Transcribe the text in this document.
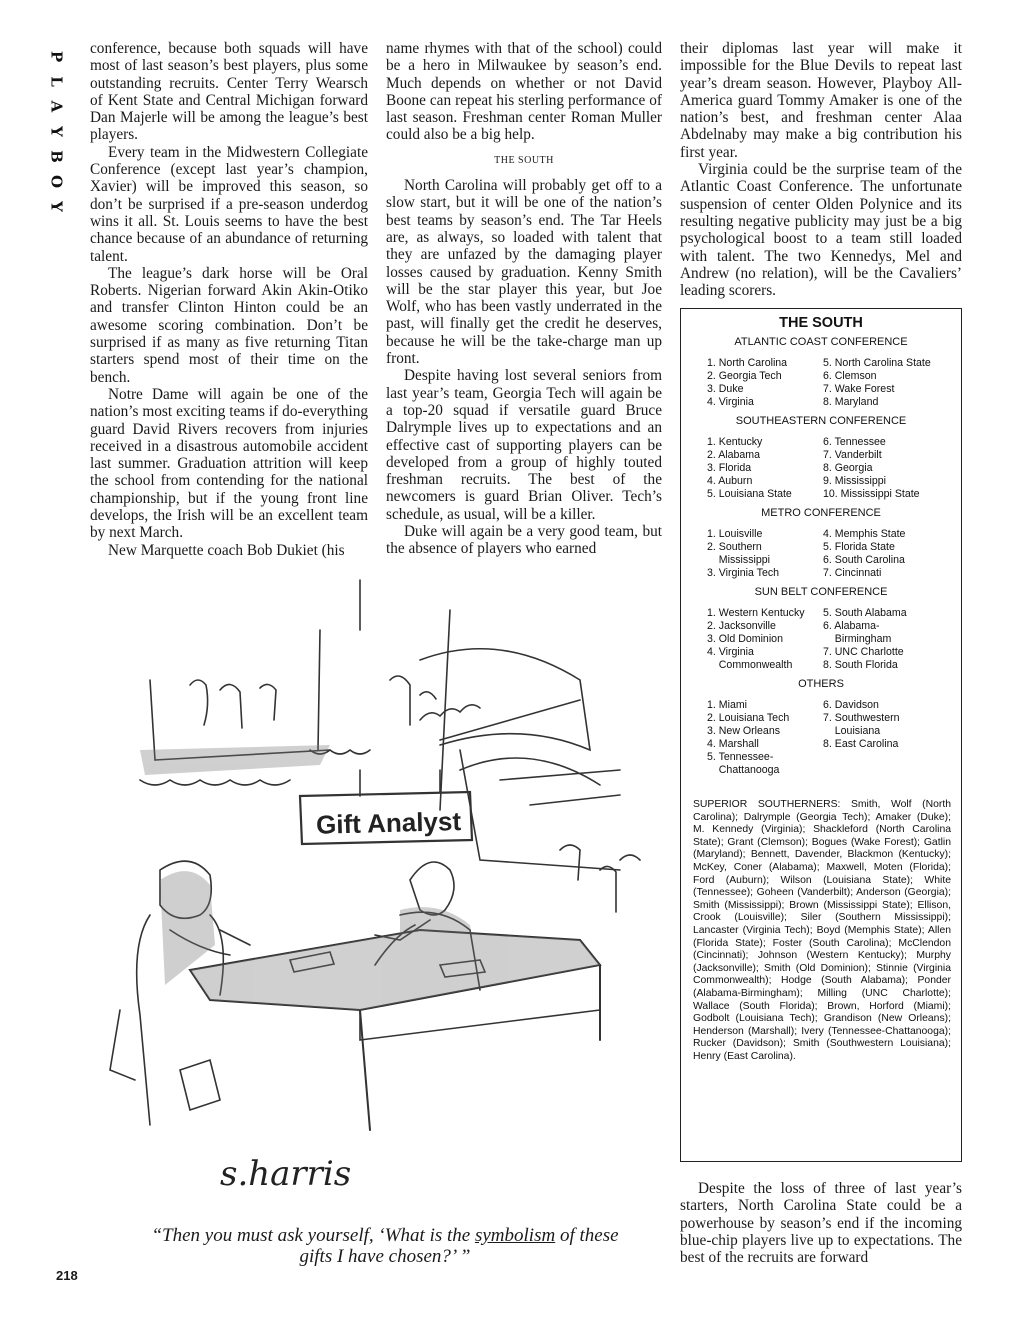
P
L
A
Y
B
O
Y

conference, because both squads will have most of last season’s best players, plus some outstanding recruits. Center Terry Wearsch of Kent State and Central Michigan forward Dan Majerle will be among the league’s best players.

Every team in the Midwestern Collegiate Conference (except last year’s champion, Xavier) will be improved this season, so don’t be surprised if a pre-season underdog wins it all. St. Louis seems to have the best chance because of an abundance of returning talent.

The league’s dark horse will be Oral Roberts. Nigerian forward Akin Akin-Otiko and transfer Clinton Hinton could be an awesome scoring combination. Don’t be surprised if as many as five returning Titan starters spend most of their time on the bench.

Notre Dame will again be one of the nation’s most exciting teams if do-everything guard David Rivers recovers from injuries received in a disastrous automobile accident last summer. Graduation attrition will keep the school from contending for the national championship, but if the young front line develops, the Irish will be an excellent team by next March.

New Marquette coach Bob Dukiet (his

name rhymes with that of the school) could be a hero in Milwaukee by season’s end. Much depends on whether or not David Boone can repeat his sterling performance of last season. Freshman center Roman Muller could also be a big help.

THE SOUTH

North Carolina will probably get off to a slow start, but it will be one of the nation’s best teams by season’s end. The Tar Heels are, as always, so loaded with talent that they are unfazed by the damaging player losses caused by graduation. Kenny Smith will be the star player this year, but Joe Wolf, who has been vastly underrated in the past, will finally get the credit he deserves, because he will be the take-charge man up front.

Despite having lost several seniors from last year’s team, Georgia Tech will again be a top-20 squad if versatile guard Bruce Dalrymple lives up to expectations and an effective cast of supporting players can be developed from a group of highly touted freshman recruits. The best of the newcomers is guard Brian Oliver. Tech’s schedule, as usual, will be a killer.

Duke will again be a very good team, but the absence of players who earned

their diplomas last year will make it impossible for the Blue Devils to repeat last year’s dream season. However, Playboy All-America guard Tommy Amaker is one of the nation’s best, and freshman center Alaa Abdelnaby may make a big contribution his first year.

Virginia could be the surprise team of the Atlantic Coast Conference. The unfortunate suspension of center Olden Polynice and its resulting negative publicity may just be a big psychological boost to a team still loaded with talent. The two Kennedys, Mel and Andrew (no relation), will be the Cavaliers’ leading scorers.

THE SOUTH
ATLANTIC COAST CONFERENCE
1. North Carolina
2. Georgia Tech
3. Duke
4. Virginia
5. North Carolina State
6. Clemson
7. Wake Forest
8. Maryland
SOUTHEASTERN CONFERENCE
1. Kentucky
2. Alabama
3. Florida
4. Auburn
5. Louisiana State
6. Tennessee
7. Vanderbilt
8. Georgia
9. Mississippi
10. Mississippi State
METRO CONFERENCE
1. Louisville
2. Southern
Mississippi
3. Virginia Tech
4. Memphis State
5. Florida State
6. South Carolina
7. Cincinnati
SUN BELT CONFERENCE
1. Western Kentucky
2. Jacksonville
3. Old Dominion
4. Virginia
Commonwealth
5. South Alabama
6. Alabama-
Birmingham
7. UNC Charlotte
8. South Florida
OTHERS
1. Miami
2. Louisiana Tech
3. New Orleans
4. Marshall
5. Tennessee-
Chattanooga
6. Davidson
7. Southwestern
Louisiana
8. East Carolina
SUPERIOR SOUTHERNERS: Smith, Wolf (North Carolina); Dalrymple (Georgia Tech); Amaker (Duke); M. Kennedy (Virginia); Shackleford (North Carolina State); Grant (Clemson); Bogues (Wake Forest); Gatlin (Maryland); Bennett, Davender, Blackmon (Kentucky); McKey, Coner (Alabama); Maxwell, Moten (Florida); Ford (Auburn); Wilson (Louisiana State); White (Tennessee); Goheen (Vanderbilt); Anderson (Georgia); Smith (Mississippi); Brown (Mississippi State); Ellison, Crook (Louisville); Siler (Southern Mississippi); Lancaster (Virginia Tech); Boyd (Memphis State); Allen (Florida State); Foster (South Carolina); McClendon (Cincinnati); Johnson (Western Kentucky); Murphy (Jacksonville); Smith (Old Dominion); Stinnie (Virginia Commonwealth); Hodge (South Alabama); Ponder (Alabama-Birmingham); Milling (UNC Charlotte); Wallace (South Florida); Brown, Horford (Miami); Godbolt (Louisiana Tech); Grandison (New Orleans); Henderson (Marshall); Ivery (Tennessee-Chattanooga); Rucker (Davidson); Smith (Southwestern Louisiana); Henry (East Carolina).

Despite the loss of three of last year’s starters, North Carolina State could be a powerhouse by season’s end if the incoming blue-chip players live up to expectations. The best of the recruits are forward

Gift Analyst
s.harris
“Then you must ask yourself, ‘What is the symbolism of these gifts I have chosen?’ ”
218
